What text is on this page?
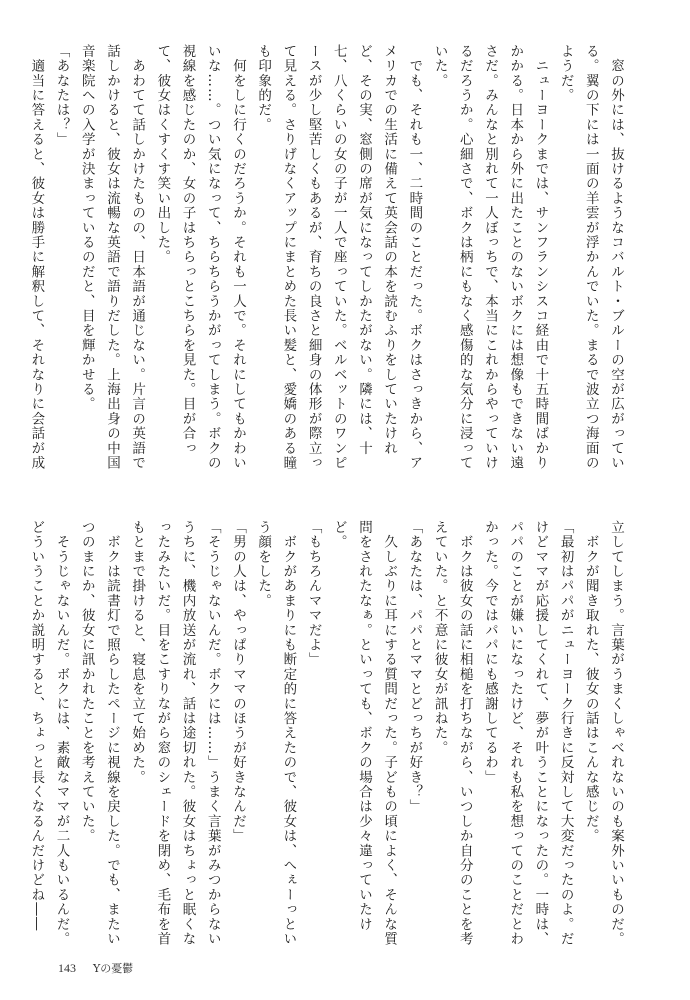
　窓の外には、抜けるようなコバルト・ブルーの空が広がってい
る。翼の下には一面の羊雲が浮かんでいた。まるで波立つ海面の
ようだ。
　ニューヨークまでは、サンフランシスコ経由で十五時間ばかり
かかる。日本から外に出たことのないボクには想像もできない遠
さだ。みんなと別れて一人ぼっちで、本当にこれからやっていけ
るだろうか。心細さで、ボクは柄にもなく感傷的な気分に浸って
いた。
　でも、それも一、二時間のことだった。ボクはさっきから、ア
メリカでの生活に備えて英会話の本を読むふりをしていたけれ
ど、その実、窓側の席が気になってしかたがない。隣には、十
七、八くらいの女の子が一人で座っていた。ベルベットのワンピ
ースが少し堅苦しくもあるが、育ちの良さと細身の体形が際立っ
て見える。さりげなくアップにまとめた長い髪と、愛嬌のある瞳
も印象的だ。
　何をしに行くのだろうか。それも一人で。それにしてもかわい
いな……。つい気になって、ちらちらうかがってしまう。ボクの
視線を感じたのか、女の子はちらっとこちらを見た。目が合っ
て、彼女はくすくす笑い出した。
　あわてて話しかけたものの、日本語が通じない。片言の英語で
話しかけると、彼女は流暢な英語で語りだした。上海出身の中国
音楽院への入学が決まっているのだと、目を輝かせる。
「あなたは？」
　適当に答えると、彼女は勝手に解釈して、それなりに会話が成
立してしまう。言葉がうまくしゃべれないのも案外いいものだ。
　ボクが聞き取れた、彼女の話はこんな感じだ。
「最初はパパがニューヨーク行きに反対して大変だったのよ。だ
けどママが応援してくれて、夢が叶うことになったの。一時は、
パパのことが嫌いになったけど、それも私を想ってのことだとわ
かった。今ではパパにも感謝してるわ」
　ボクは彼女の話に相槌を打ちながら、いつしか自分のことを考
えていた。と不意に彼女が訊ねた。
「あなたは、パパとママとどっちが好き？」
　久しぶりに耳にする質問だった。子どもの頃によく、そんな質
問をされたなぁ。といっても、ボクの場合は少々違っていたけ
ど。
「もちろんママだよ」
　ボクがあまりにも断定的に答えたので、彼女は、へぇーっとい
う顔をした。
「男の人は、やっぱりママのほうが好きなんだ」
「そうじゃないんだ。ボクには……」うまく言葉がみつからない
うちに、機内放送が流れ、話は途切れた。彼女はちょっと眠くな
ったみたいだ。目をこすりながら窓のシェードを閉め、毛布を首
もとまで掛けると、寝息を立て始めた。
　ボクは読書灯で照らしたページに視線を戻した。でも、またい
つのまにか、彼女に訊かれたことを考えていた。
　そうじゃないんだ。ボクには、素敵なママが二人もいるんだ。
どういうことか説明すると、ちょっと長くなるんだけどね――
143 Yの憂鬱
